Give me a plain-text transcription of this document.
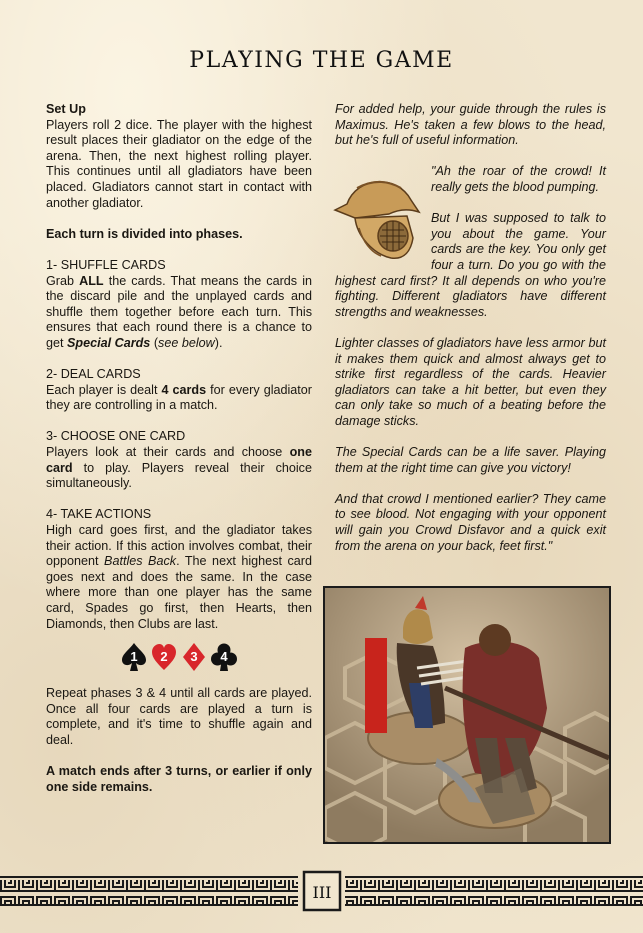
PLAYING THE GAME

Set Up
Players roll 2 dice. The player with the highest result places their gladiator on the edge of the arena. Then, the next highest rolling player. This continues until all gladiators have been placed. Gladiators cannot start in contact with another gladiator.

Each turn is divided into phases.

1- SHUFFLE CARDS
Grab ALL the cards. That means the cards in the discard pile and the unplayed cards and shuffle them together before each turn. This ensures that each round there is a chance to get Special Cards (see below).

2- DEAL CARDS
Each player is dealt 4 cards for every gladiator they are controlling in a match.

3- CHOOSE ONE CARD
Players look at their cards and choose one card to play. Players reveal their choice simultaneously.

4- TAKE ACTIONS
High card goes first, and the gladiator takes their action. If this action involves combat, their opponent Battles Back. The next highest card goes next and does the same. In the case where more than one player has the same card, Spades go first, then Hearts, then Diamonds, then Clubs are last.

1	2	3	4

Repeat phases 3 & 4 until all cards are played. Once all four cards are played a turn is complete, and it's time to shuffle again and deal.

A match ends after 3 turns, or earlier if only one side remains.

For added help, your guide through the rules is Maximus. He's taken a few blows to the head, but he's full of useful information.

"Ah the roar of the crowd! It really gets the blood pumping.

But I was supposed to talk to you about the game. Your cards are the key. You only get four a turn. Do you go with the highest card first? It all depends on who you're fighting. Different gladiators have different strengths and weaknesses.

Lighter classes of gladiators have less armor but it makes them quick and almost always get to strike first regardless of the cards. Heavier gladiators can take a hit better, but even they can only take so much of a beating before the damage sticks.

The Special Cards can be a life saver. Playing them at the right time can give you victory!

And that crowd I mentioned earlier? They came to see blood. Not engaging with your opponent will gain you Crowd Disfavor and a quick exit from the arena on your back, feet first."

III
